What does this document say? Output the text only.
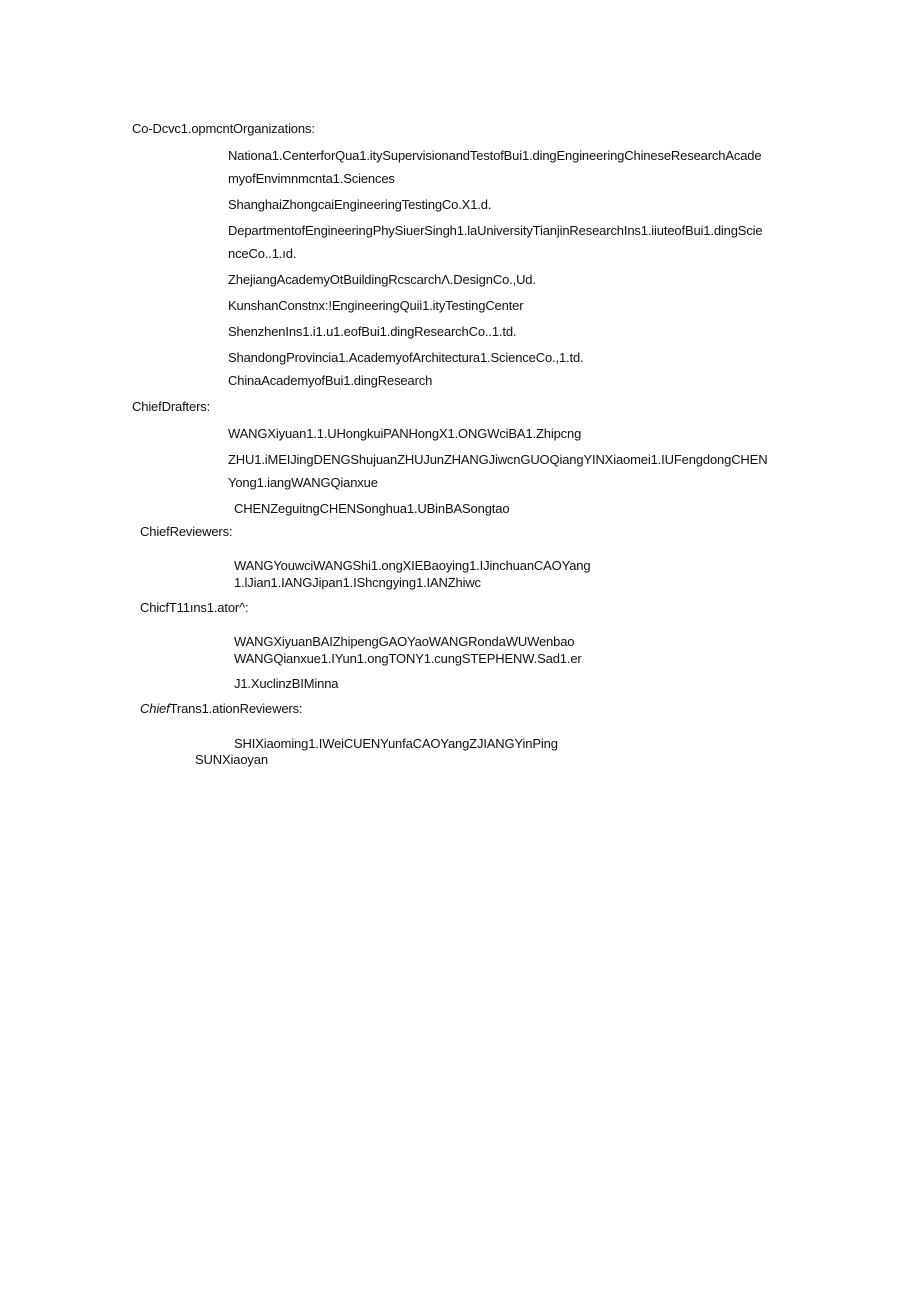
Co-Dcvc1.opmcntOrganizations:
Nationa1.CenterforQua1.itySupervisionandTestofBui1.dingEngineeringChineseResearchAcade
myofEnvimnmcnta1.Sciences
ShanghaiZhongcaiEngineeringTestingCo.X1.d.
DepartmentofEngineeringPhySiuerSingh1.laUniversityTianjinResearchIns1.iiuteofBui1.dingScie
nceCo..1.ıd.
ZhejiangAcademyOtBuildingRcscarchΛ.DesignCo.,Ud.
KunshanConstnx:!EngineeringQuii1.ityTestingCenter
ShenzhenIns1.i1.u1.eofBui1.dingResearchCo..1.td.
ShandongProvincia1.AcademyofArchitectura1.ScienceCo.,1.td.
ChinaAcademyofBui1.dingResearch
ChiefDrafters:
WANGXiyuan1.1.UHongkuiPANHongX1.ONGWciBA1.Zhipcng
ZHU1.iMEIJingDENGShujuanZHUJunZHANGJiwcnGUOQiangYINXiaomei1.IUFengdongCHEN
Yong1.iangWANGQianxue
CHENZeguitngCHENSonghua1.UBinBASongtao
ChiefReviewers:
WANGYouwciWANGShi1.ongXIEBaoying1.IJinchuanCAOYang
1.lJian1.IANGJipan1.IShcngying1.IANZhiwc
ChicfT11ıns1.ator^:
WANGXiyuanBAIZhipengGAOYaoWANGRondaWUWenbao
WANGQianxue1.IYun1.ongTONY1.cungSTEPHENW.Sad1.er
J1.XuclinzBIMinna
ChiefTrans1.ationReviewers:
SHIXiaoming1.IWeiCUENYunfaCAOYangZJIANGYinPing
SUNXiaoyan
